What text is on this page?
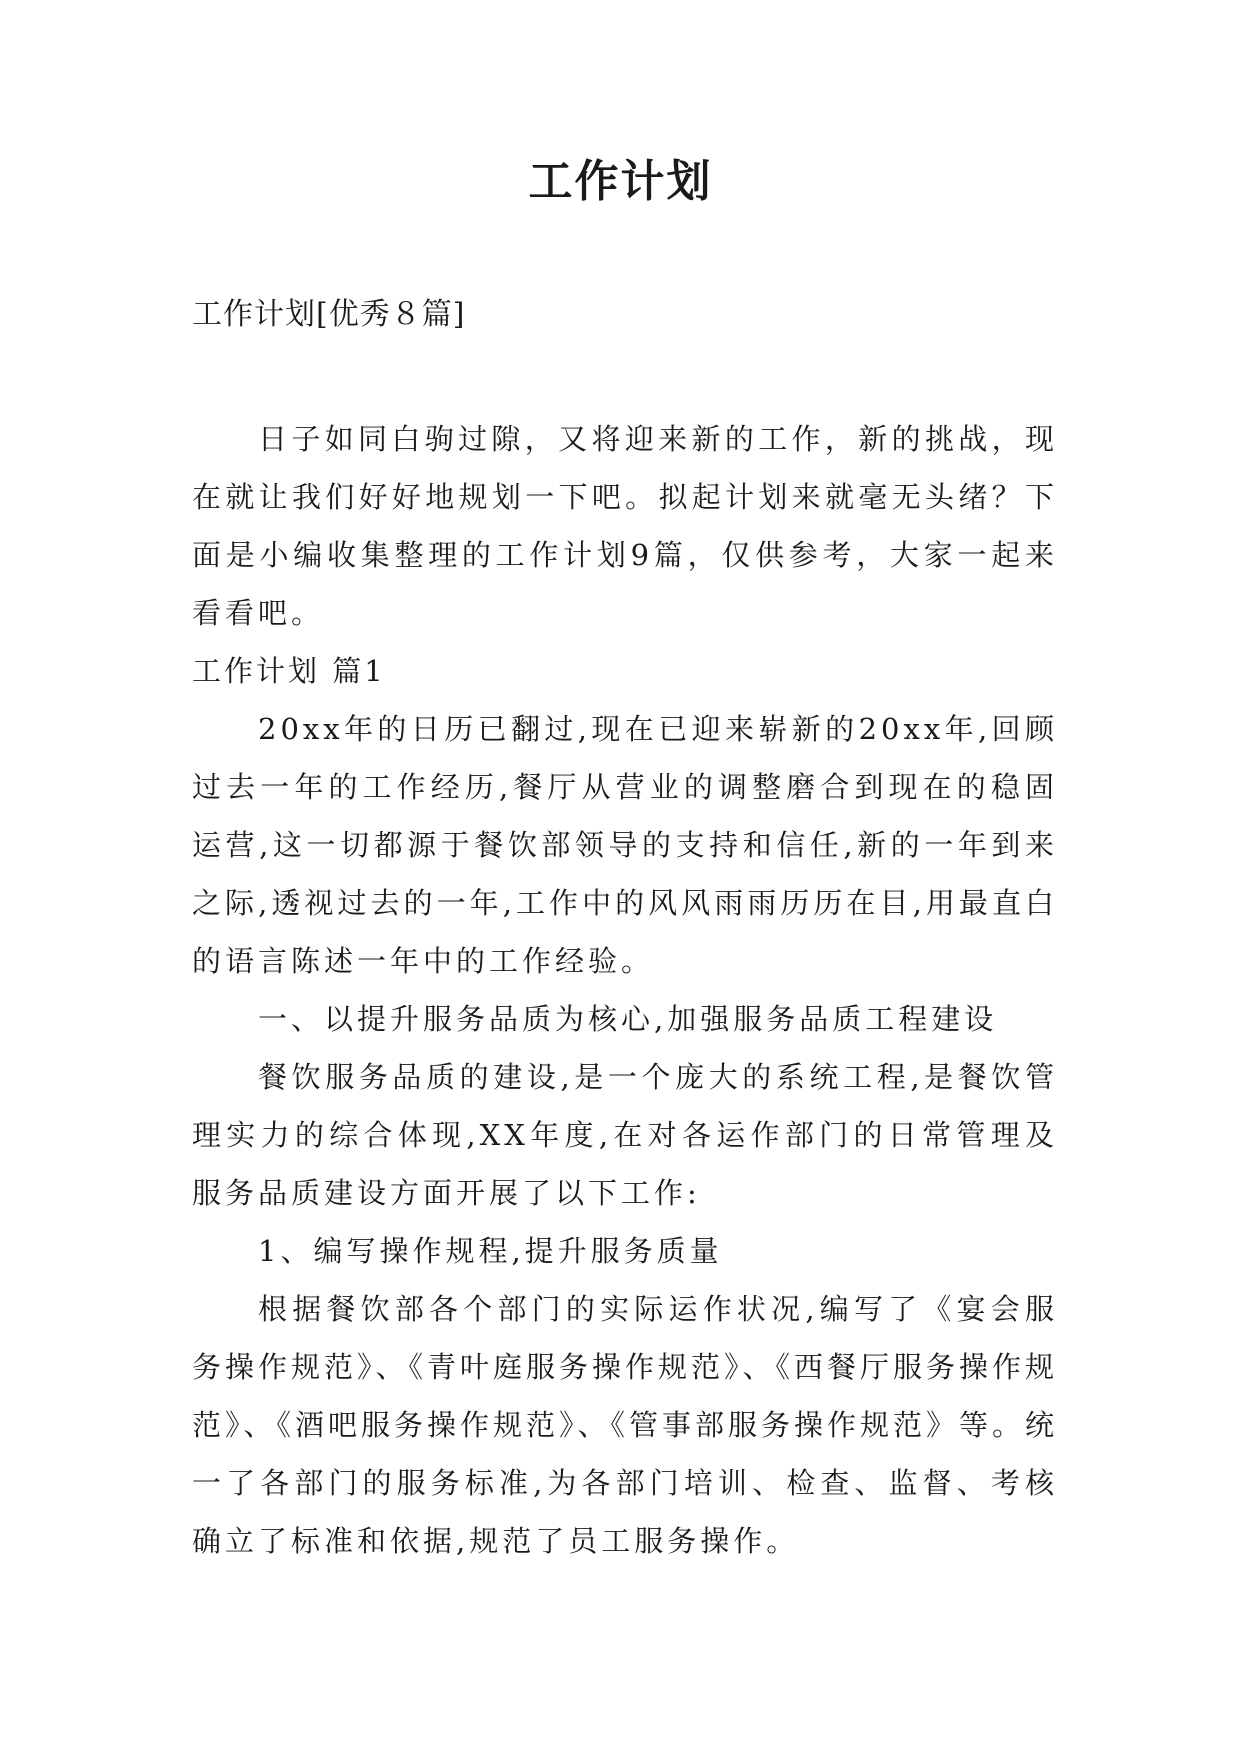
工作计划
工作计划[优秀８篇]

日子如同白驹过隙，又将迎来新的工作，新的挑战，现在就让我们好好地规划一下吧。拟起计划来就毫无头绪？下面是小编收集整理的工作计划9篇，仅供参考，大家一起来看看吧。

工作计划 篇1

20xx年的日历已翻过,现在已迎来崭新的20xx年,回顾过去一年的工作经历,餐厅从营业的调整磨合到现在的稳固运营,这一切都源于餐饮部领导的支持和信任,新的一年到来之际,透视过去的一年,工作中的风风雨雨历历在目,用最直白的语言陈述一年中的工作经验。

一、以提升服务品质为核心,加强服务品质工程建设

餐饮服务品质的建设,是一个庞大的系统工程,是餐饮管理实力的综合体现,XX年度,在对各运作部门的日常管理及服务品质建设方面开展了以下工作:

1、编写操作规程,提升服务质量

根据餐饮部各个部门的实际运作状况,编写了《宴会服务操作规范》、《青叶庭服务操作规范》、《西餐厅服务操作规范》、《酒吧服务操作规范》、《管事部服务操作规范》等。统一了各部门的服务标准,为各部门培训、检查、监督、考核确立了标准和依据,规范了员工服务操作。
